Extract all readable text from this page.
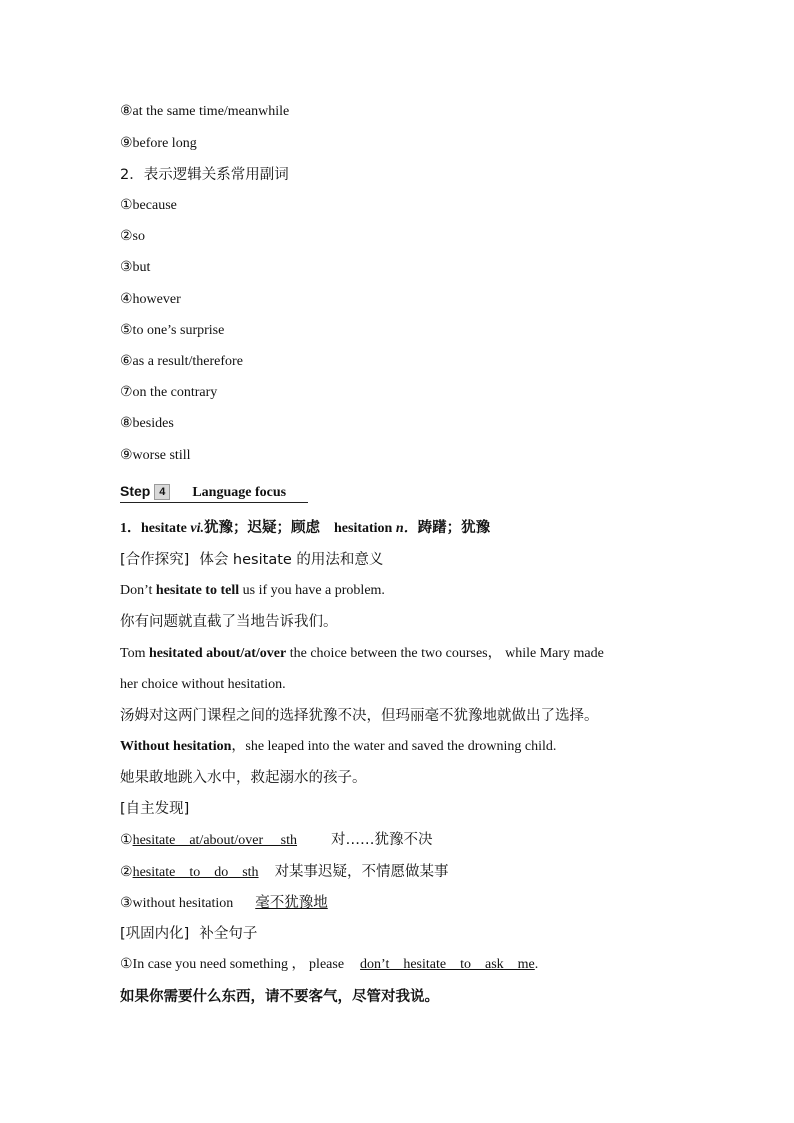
⑧at the same time/meanwhile
⑨before long
2．表示逻辑关系常用副词
①because
②so
③but
④however
⑤to one’s surprise
⑥as a result/therefore
⑦on the contrary
⑧besides
⑨worse still
Step 4 Language focus
1．hesitate vi.犹豫；迟疑；顾虑 hesitation n．踌躇；犹豫
[合作探究] 体会 hesitate 的用法和意义
Don’t hesitate to tell us if you have a problem.
你有问题就直截了当地告诉我们。
Tom hesitated about/at/over the choice between the two courses， while Mary made
her choice without hesitation.
汤姆对这两门课程之间的选择犹豫不决，但玛丽毫不犹豫地就做出了选择。
Without hesitation，she leaped into the water and saved the drowning child.
她果敢地跳入水中，救起溺水的孩子。
[自主发现]
①hesitate    at/about/over     sth 对……犹豫不决
②hesitate    to    do    sth 对某事迟疑，不情愿做某事
③without hesitation 毫不犹豫地
[巩固内化] 补全句子
①In case you need something ， please don’t    hesitate    to    ask    me.
如果你需要什么东西，请不要客气，尽管对我说。
